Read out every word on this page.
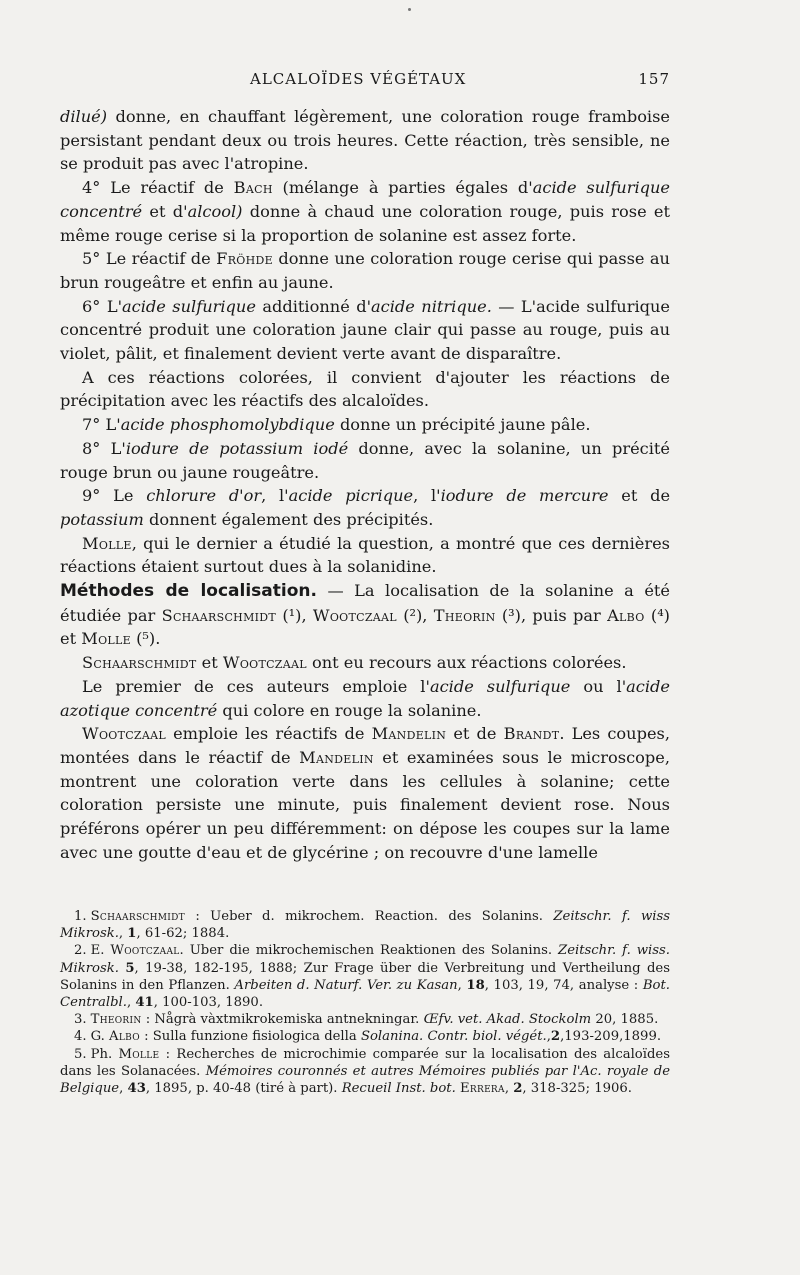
ALCALOÏDES VÉGÉTAUX	157

dilué) donne, en chauffant légèrement, une coloration rouge framboise persistant pendant deux ou trois heures. Cette réaction, très sensible, ne se produit pas avec l'atropine.

4° Le réactif de Bach (mélange à parties égales d'acide sulfurique concentré et d'alcool) donne à chaud une coloration rouge, puis rose et même rouge cerise si la proportion de solanine est assez forte.

5° Le réactif de Fröhde donne une coloration rouge cerise qui passe au brun rougeâtre et enfin au jaune.

6° L'acide sulfurique additionné d'acide nitrique. — L'acide sulfurique concentré produit une coloration jaune clair qui passe au rouge, puis au violet, pâlit, et finalement devient verte avant de disparaître.

A ces réactions colorées, il convient d'ajouter les réactions de précipitation avec les réactifs des alcaloïdes.

7° L'acide phosphomolybdique donne un précipité jaune pâle.

8° L'iodure de potassium iodé donne, avec la solanine, un précité rouge brun ou jaune rougeâtre.

9° Le chlorure d'or, l'acide picrique, l'iodure de mercure et de potassium donnent également des précipités.

Molle, qui le dernier a étudié la question, a montré que ces dernières réactions étaient surtout dues à la solanidine.

Méthodes de localisation. — La localisation de la solanine a été étudiée par Schaarschmidt (¹), Wootczaal (²), Theorin (³), puis par Albo (⁴) et Molle (⁵).

Schaarschmidt et Wootczaal ont eu recours aux réactions colorées.

Le premier de ces auteurs emploie l'acide sulfurique ou l'acide azotique concentré qui colore en rouge la solanine.

Wootczaal emploie les réactifs de Mandelin et de Brandt. Les coupes, montées dans le réactif de Mandelin et examinées sous le microscope, montrent une coloration verte dans les cellules à solanine; cette coloration persiste une minute, puis finalement devient rose. Nous préférons opérer un peu différemment: on dépose les coupes sur la lame avec une goutte d'eau et de glycérine ; on recouvre d'une lamelle

1. Schaarschmidt : Ueber d. mikrochem. Reaction. des Solanins. Zeitschr. f. wiss Mikrosk., 1, 61-62; 1884.

2. E. Wootczaal. Uber die mikrochemischen Reaktionen des Solanins. Zeitschr. f. wiss. Mikrosk. 5, 19-38, 182-195, 1888; Zur Frage über die Verbreitung und Vertheilung des Solanins in den Pflanzen. Arbeiten d. Naturf. Ver. zu Kasan, 18, 103, 19, 74, analyse : Bot. Centralbl., 41, 100-103, 1890.

3. Theorin : Någrà vàxtmikrokemiska antnekningar. Œfv. vet. Akad. Stockolm 20, 1885.

4. G. Albo : Sulla funzione fisiologica della Solanina. Contr. biol. végét.,2,193-209,1899.

5. Ph. Molle : Recherches de microchimie comparée sur la localisation des alcaloïdes dans les Solanacées. Mémoires couronnés et autres Mémoires publiés par l'Ac. royale de Belgique, 43, 1895, p. 40-48 (tiré à part). Recueil Inst. bot. Errera, 2, 318-325; 1906.
